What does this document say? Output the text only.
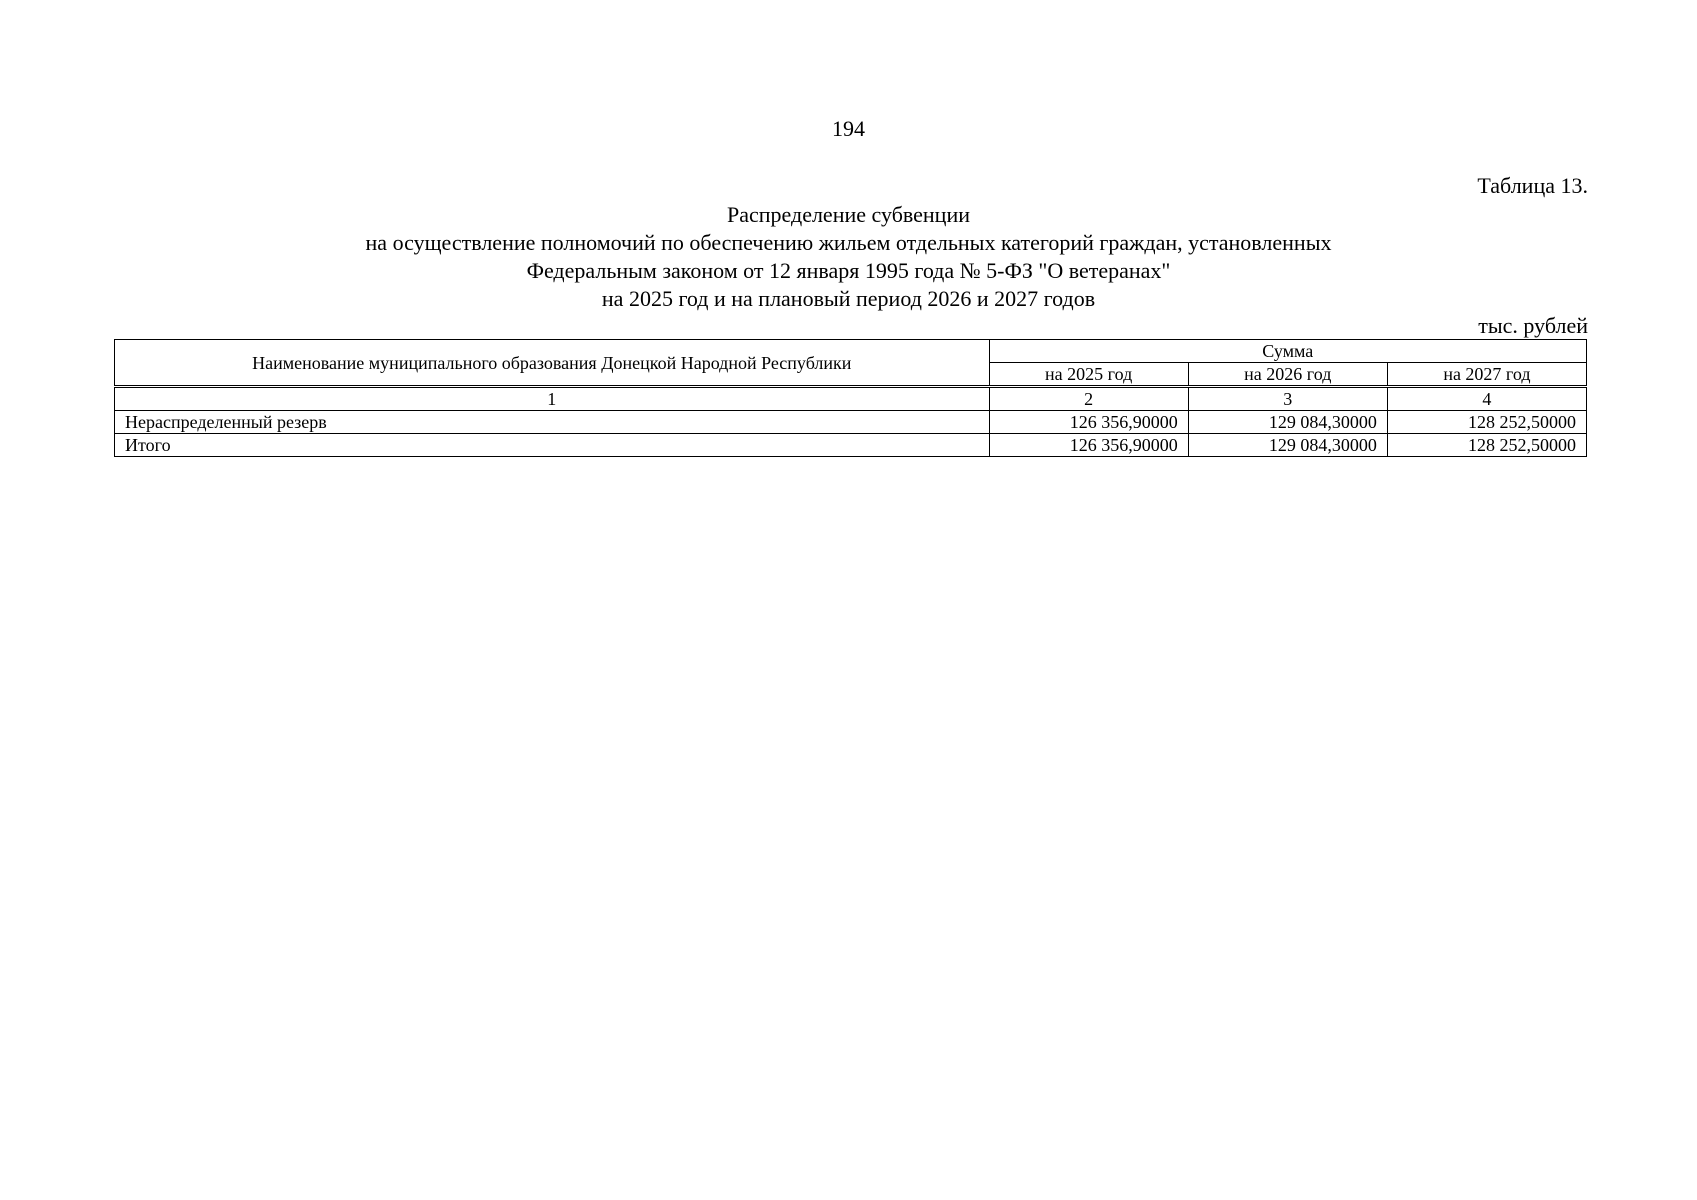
194
Таблица 13.
Распределение субвенции
на осуществление полномочий по обеспечению жильем отдельных категорий граждан, установленных
Федеральным законом от 12 января 1995 года № 5-ФЗ "О ветеранах"
на 2025 год и на плановый период 2026 и 2027 годов
тыс. рублей
Наименование муниципального образования Донецкой Народной Республики	Сумма		
	на 2025 год	на 2026 год	на 2027 год
1	2	3	4
Нераспределенный резерв	126 356,90000	129 084,30000	128 252,50000
Итого	126 356,90000	129 084,30000	128 252,50000
